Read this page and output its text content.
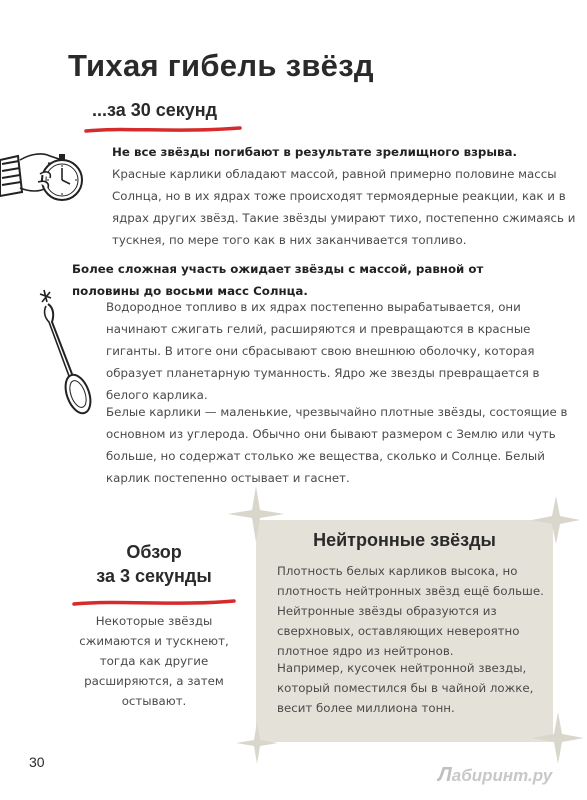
Тихая гибель звёзд
...за 30 секунд
Не все звёзды погибают в результате зрелищного взрыва.
Красные карлики обладают массой, равной примерно половине массы Солнца, но в их ядрах тоже происходят термоядерные реакции, как и в ядрах других звёзд. Такие звёзды умирают тихо, постепенно сжимаясь и тускнея, по мере того как в них заканчивается топливо.
Более сложная участь ожидает звёзды с массой, равной от половины до восьми масс Солнца.
Водородное топливо в их ядрах постепенно вырабатывается, они начинают сжигать гелий, расширяются и превращаются в красные гиганты. В итоге они сбрасывают свою внешнюю оболочку, которая образует планетарную туманность. Ядро же звезды превращается в белого карлика.
Белые карлики — маленькие, чрезвычайно плотные звёзды, состоящие в основном из углерода. Обычно они бывают размером с Землю или чуть больше, но содержат столько же вещества, сколько и Солнце. Белый карлик постепенно остывает и гаснет.
Обзор
за 3 секунды
Некоторые звёзды сжимаются и тускнеют, тогда как другие расширяются, а затем остывают.
Нейтронные звёзды
Плотность белых карликов высока, но плотность нейтронных звёзд ещё больше. Нейтронные звёзды образуются из сверхновых, оставляющих невероятно плотное ядро из нейтронов.
Например, кусочек нейтронной звезды, который поместился бы в чайной ложке, весит более миллиона тонн.
30
Лабиринт.ру
